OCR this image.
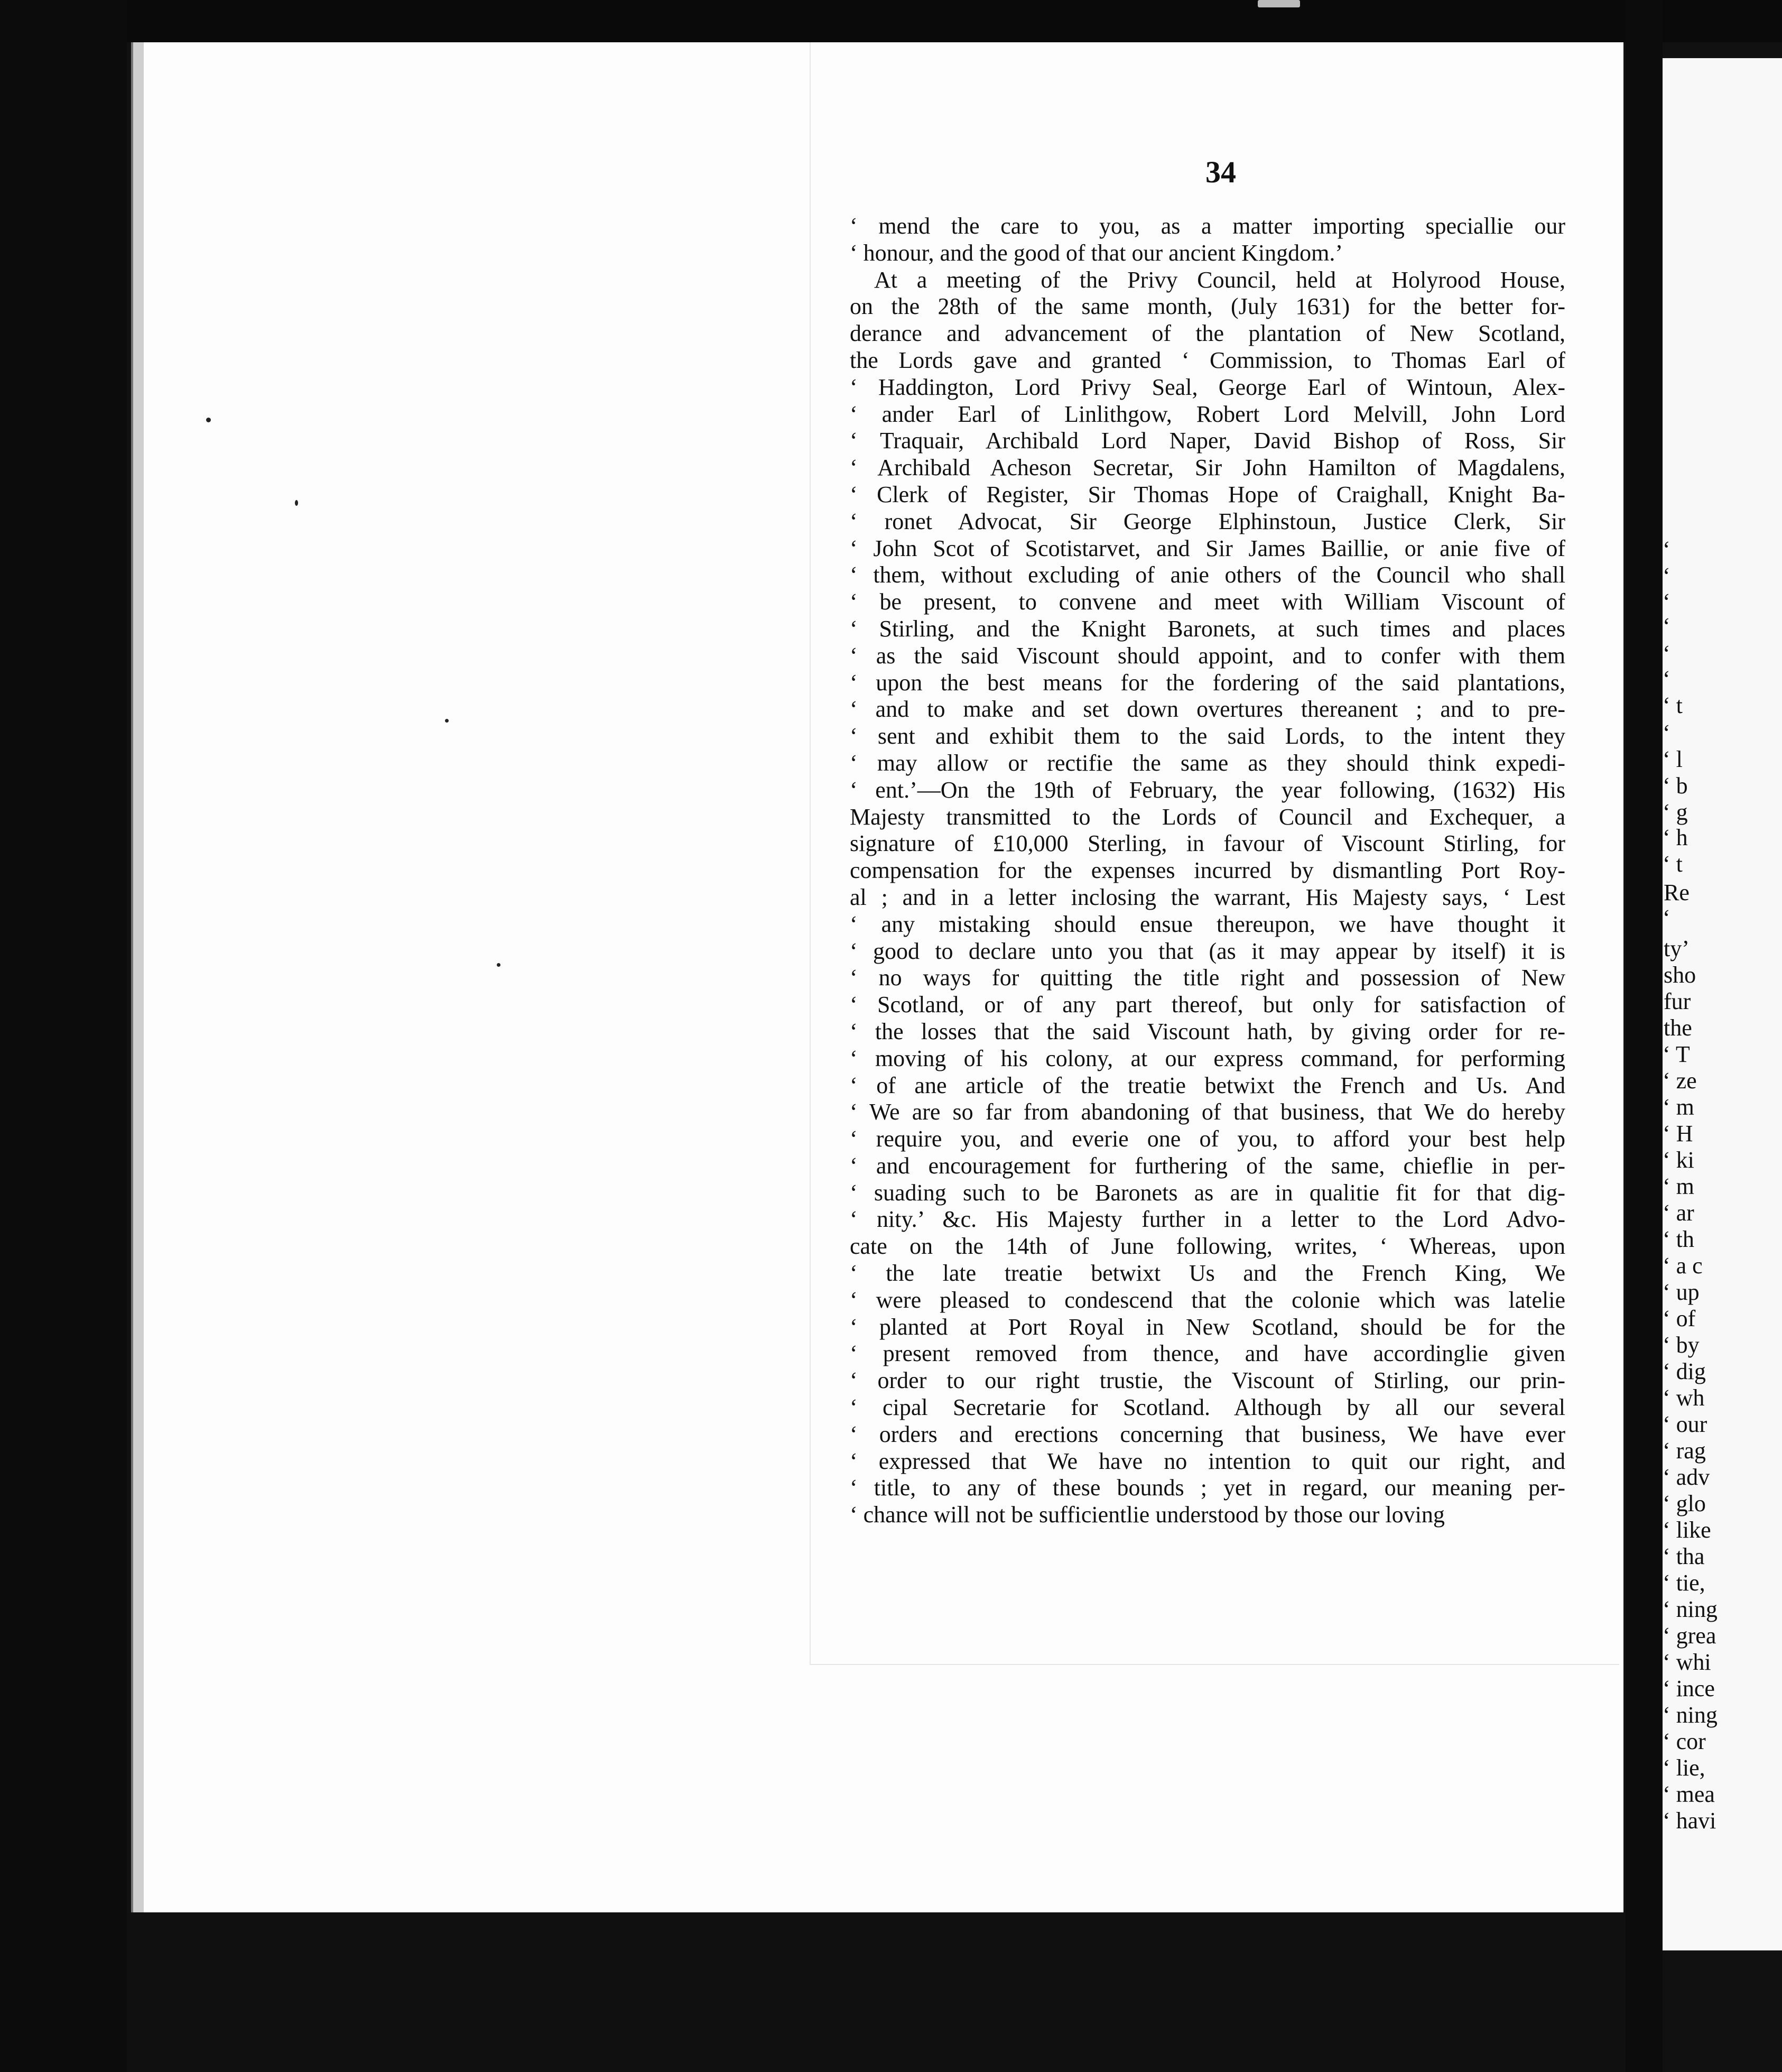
34
‘ mend the care to you, as a matter importing speciallie our
‘ honour, and the good of that our ancient Kingdom.’
At a meeting of the Privy Council, held at Holyrood House,
on the 28th of the same month, (July 1631) for the better for-
derance and advancement of the plantation of New Scotland,
the Lords gave and granted ‘ Commission, to Thomas Earl of
‘ Haddington, Lord Privy Seal, George Earl of Wintoun, Alex-
‘ ander Earl of Linlithgow, Robert Lord Melvill, John Lord
‘ Traquair, Archibald Lord Naper, David Bishop of Ross, Sir
‘ Archibald Acheson Secretar, Sir John Hamilton of Magdalens,
‘ Clerk of Register, Sir Thomas Hope of Craighall, Knight Ba-
‘ ronet Advocat, Sir George Elphinstoun, Justice Clerk, Sir
‘ John Scot of Scotistarvet, and Sir James Baillie, or anie five of
‘ them, without excluding of anie others of the Council who shall
‘ be present, to convene and meet with William Viscount of
‘ Stirling, and the Knight Baronets, at such times and places
‘ as the said Viscount should appoint, and to confer with them
‘ upon the best means for the fordering of the said plantations,
‘ and to make and set down overtures thereanent ; and to pre-
‘ sent and exhibit them to the said Lords, to the intent they
‘ may allow or rectifie the same as they should think expedi-
‘ ent.’—On the 19th of February, the year following, (1632) His
Majesty transmitted to the Lords of Council and Exchequer, a
signature of £10,000 Sterling, in favour of Viscount Stirling, for
compensation for the expenses incurred by dismantling Port Roy-
al ; and in a letter inclosing the warrant, His Majesty says, ‘ Lest
‘ any mistaking should ensue thereupon, we have thought it
‘ good to declare unto you that (as it may appear by itself) it is
‘ no ways for quitting the title right and possession of New
‘ Scotland, or of any part thereof, but only for satisfaction of
‘ the losses that the said Viscount hath, by giving order for re-
‘ moving of his colony, at our express command, for performing
‘ of ane article of the treatie betwixt the French and Us. And
‘ We are so far from abandoning of that business, that We do hereby
‘ require you, and everie one of you, to afford your best help
‘ and encouragement for furthering of the same, chieflie in per-
‘ suading such to be Baronets as are in qualitie fit for that dig-
‘ nity.’ &c. His Majesty further in a letter to the Lord Advo-
cate on the 14th of June following, writes, ‘ Whereas, upon
‘ the late treatie betwixt Us and the French King, We
‘ were pleased to condescend that the colonie which was latelie
‘ planted at Port Royal in New Scotland, should be for the
‘ present removed from thence, and have accordinglie given
‘ order to our right trustie, the Viscount of Stirling, our prin-
‘ cipal Secretarie for Scotland. Although by all our several
‘ orders and erections concerning that business, We have ever
‘ expressed that We have no intention to quit our right, and
‘ title, to any of these bounds ; yet in regard, our meaning per-
‘ chance will not be sufficientlie understood by those our loving
‘
‘
‘
‘
‘
‘
‘ t
‘
‘ l
‘ b
‘ g
‘ h
‘ t
Re
‘
ty’
sho
fur
the
‘ T
‘ ze
‘ m
‘ H
‘ ki
‘ m
‘ ar
‘ th
‘ a c
‘ up
‘ of
‘ by
‘ dig
‘ wh
‘ our
‘ rag
‘ adv
‘ glo
‘ like
‘ tha
‘ tie,
‘ ning
‘ grea
‘ whi
‘ ince
‘ ning
‘ cor
‘ lie,
‘ mea
‘ havi
